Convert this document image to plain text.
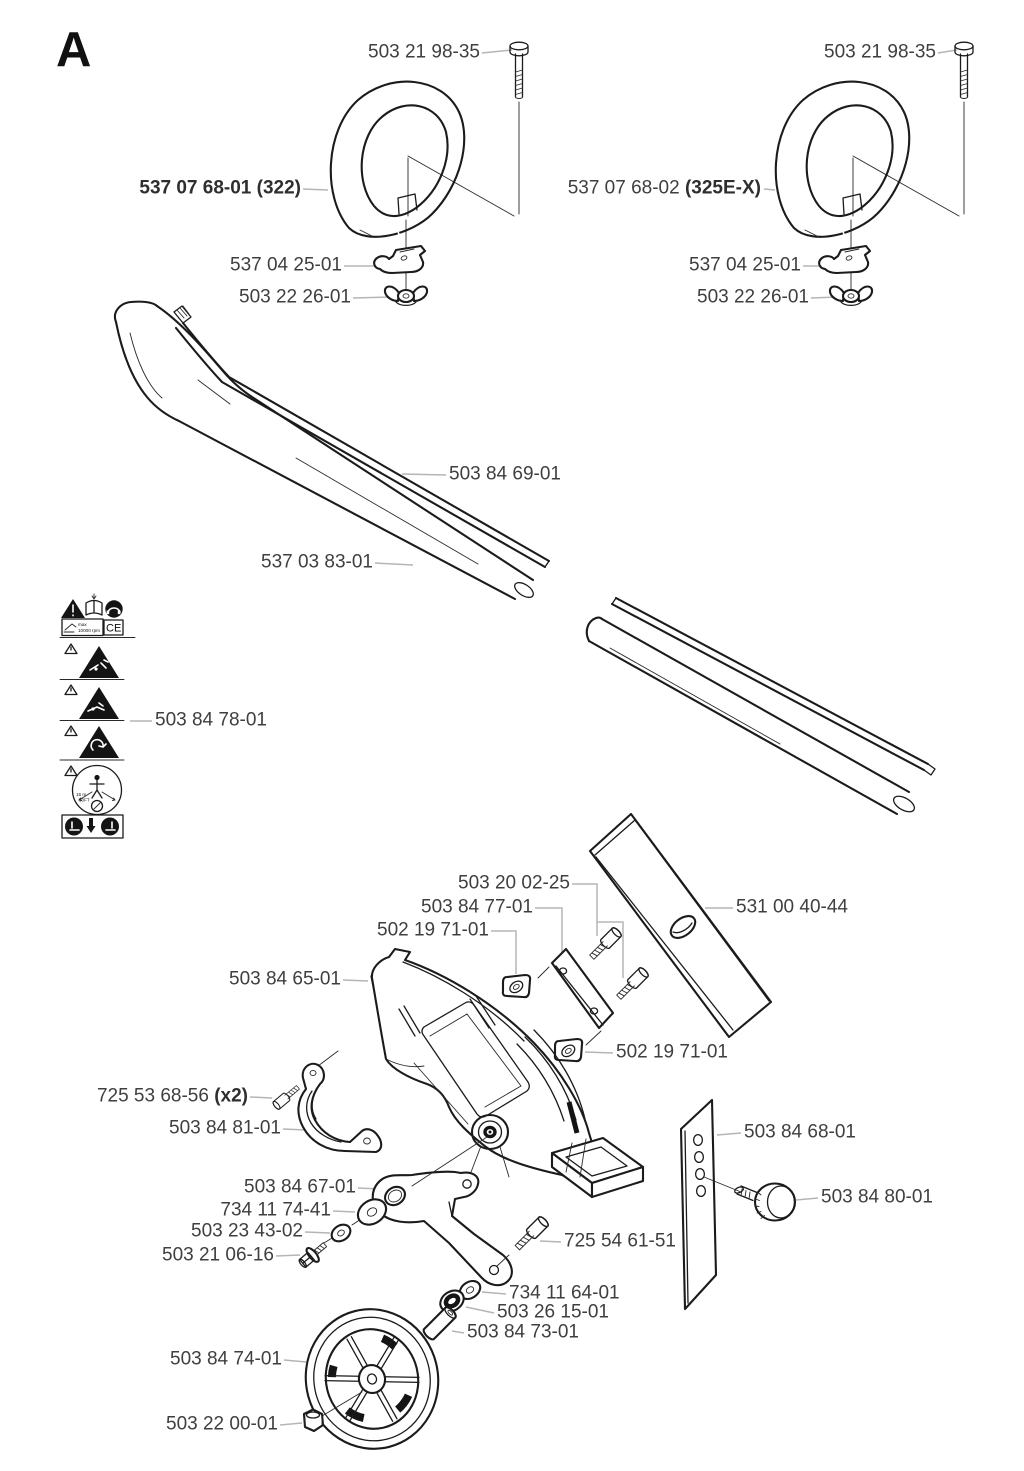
A
max
10000 rpm CE
15 m
50FT
503 21 98-35
537 07 68-01 (322)
537 04 25-01
503 22 26-01
503 21 98-35
537 07 68-02 (325E-X)
537 04 25-01
503 22 26-01
503 84 69-01
537 03 83-01
503 84 78-01
503 20 02-25
503 84 77-01
502 19 71-01
531 00 40-44
503 84 65-01
502 19 71-01
725 53 68-56 (x2)
503 84 81-01
503 84 67-01
734 11 74-41
503 23 43-02
503 21 06-16
725 54 61-51
734 11 64-01
503 26 15-01
503 84 73-01
503 84 68-01
503 84 80-01
503 84 74-01
503 22 00-01
